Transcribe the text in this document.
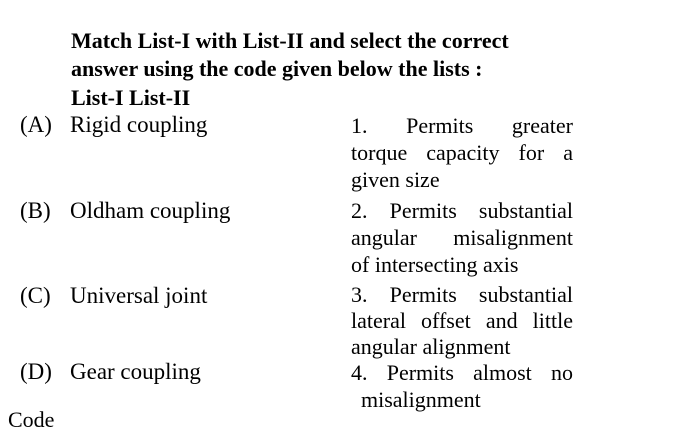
Match List-I with List-II and select the correct
answer using the code given below the lists :
List-I List-II
(A) Rigid coupling
(B) Oldham coupling
(C) Universal joint
(D) Gear coupling
1. Permits greater
torque capacity for a
given size
2. Permits substantial
angular misalignment
of intersecting axis
3. Permits substantial
lateral offset and little
angular alignment
4. Permits almost no
misalignment
Code
